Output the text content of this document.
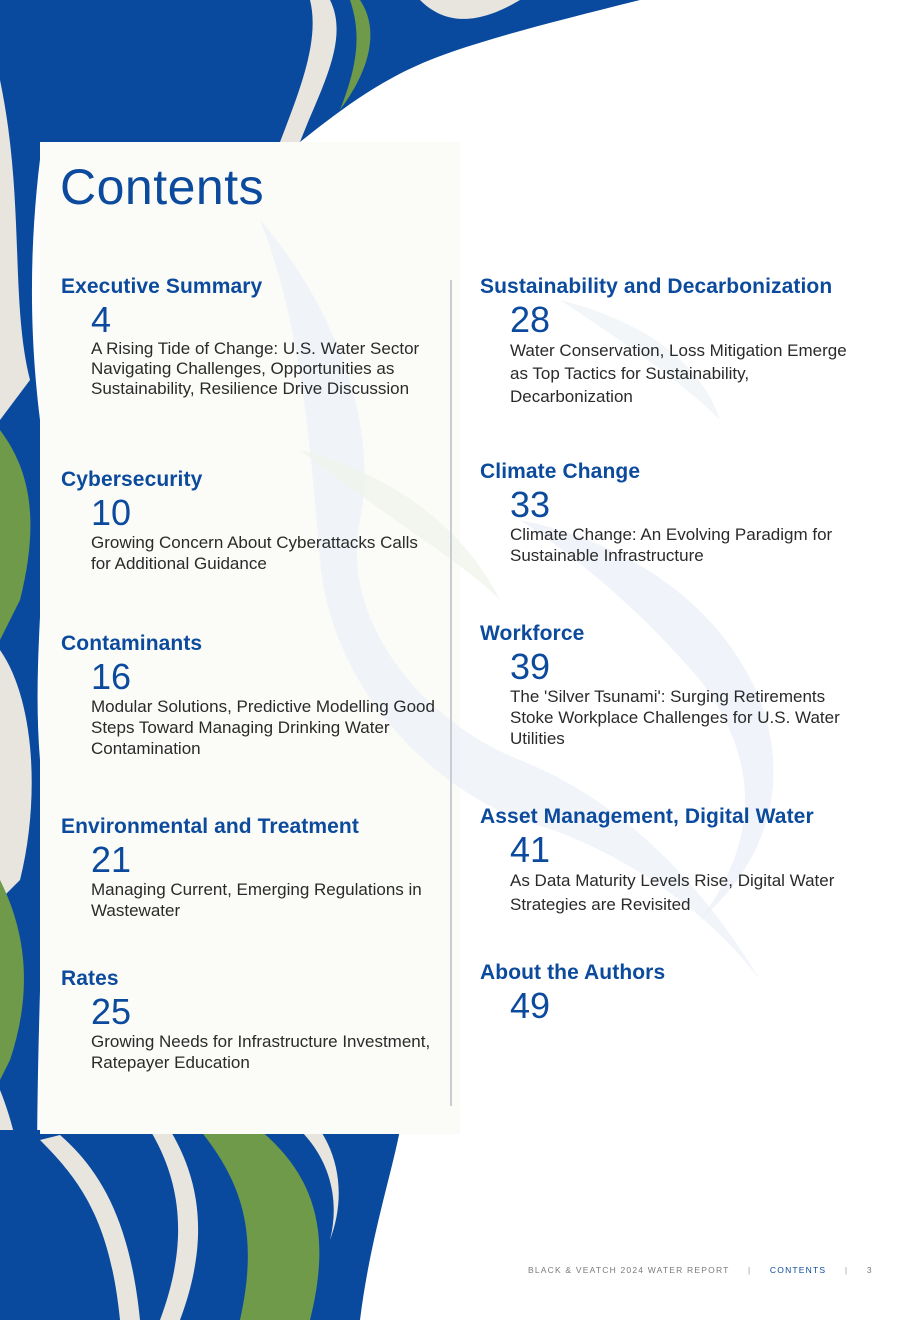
Contents
Executive Summary
4
A Rising Tide of Change: U.S. Water Sector Navigating Challenges, Opportunities as Sustainability, Resilience Drive Discussion
Cybersecurity
10
Growing Concern About Cyberattacks Calls for Additional Guidance
Contaminants
16
Modular Solutions, Predictive Modelling Good Steps Toward Managing Drinking Water Contamination
Environmental and Treatment
21
Managing Current, Emerging Regulations in Wastewater
Rates
25
Growing Needs for Infrastructure Investment, Ratepayer Education
Sustainability and Decarbonization
28
Water Conservation, Loss Mitigation Emerge as Top Tactics for Sustainability, Decarbonization
Climate Change
33
Climate Change: An Evolving Paradigm for Sustainable Infrastructure
Workforce
39
The 'Silver Tsunami': Surging Retirements Stoke Workplace Challenges for U.S. Water Utilities
Asset Management, Digital Water
41
As Data Maturity Levels Rise, Digital Water Strategies are Revisited
About the Authors
49
BLACK & VEATCH 2024 WATER REPORT | CONTENTS | 3
